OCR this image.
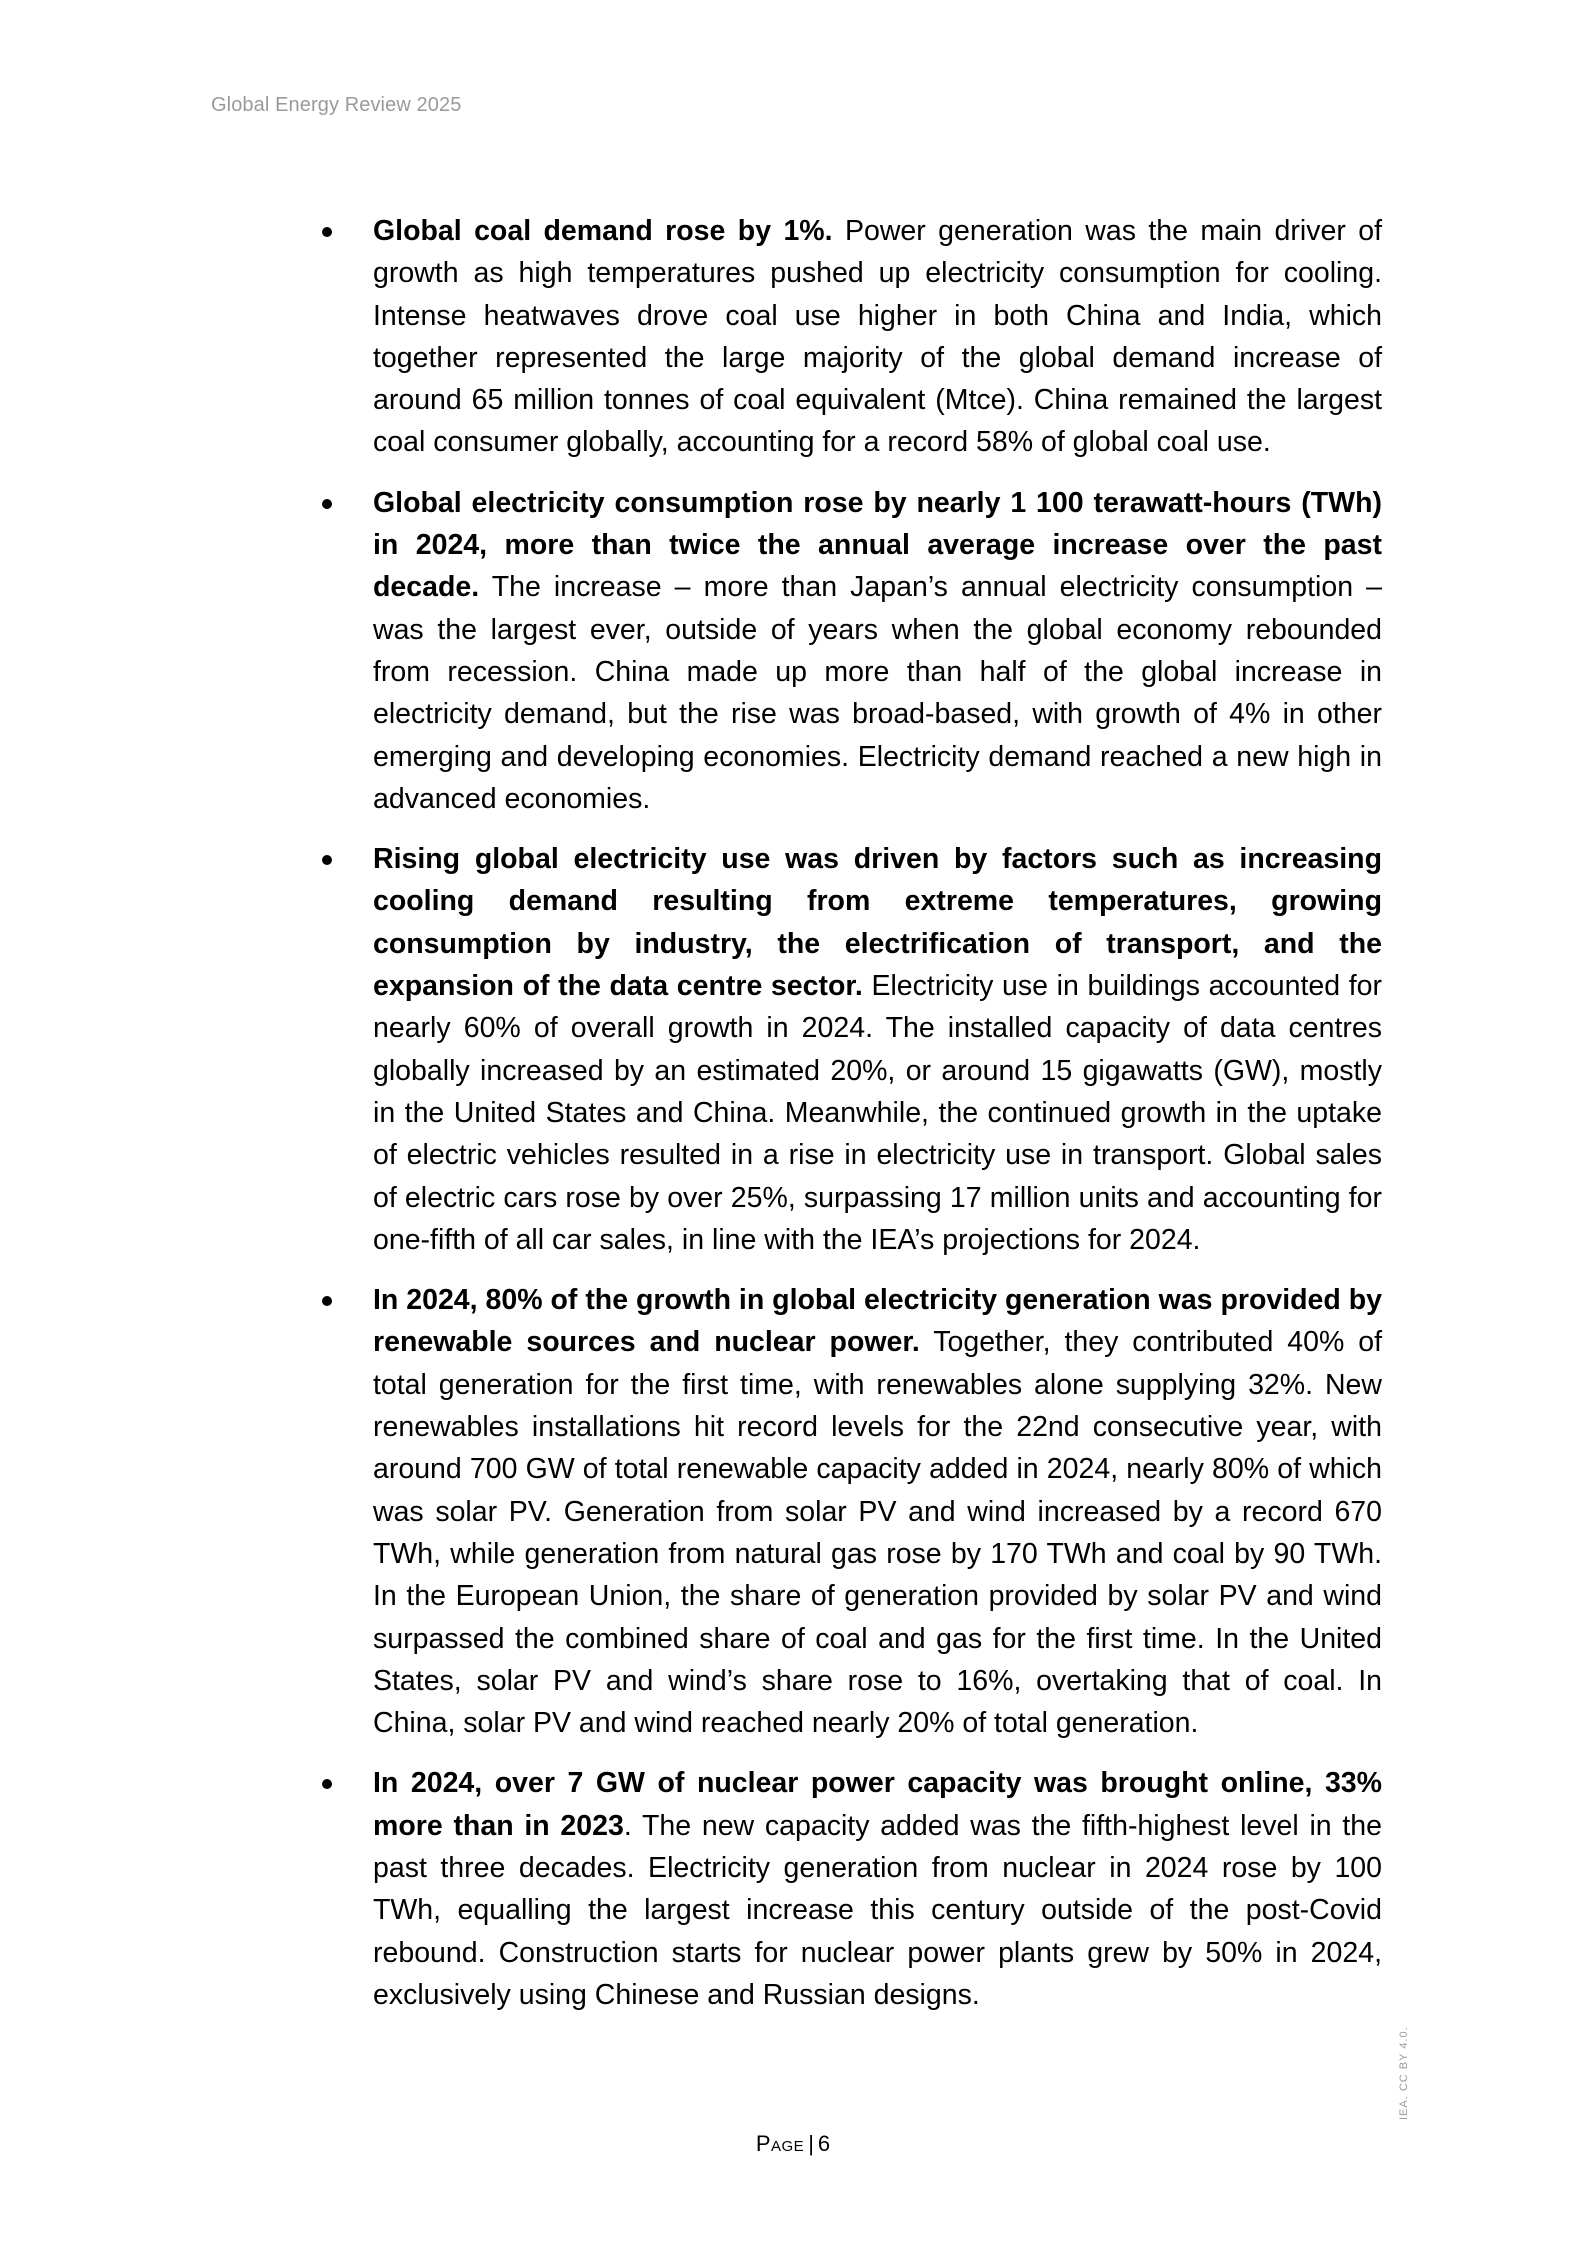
Global Energy Review 2025
Global coal demand rose by 1%. Power generation was the main driver of growth as high temperatures pushed up electricity consumption for cooling. Intense heatwaves drove coal use higher in both China and India, which together represented the large majority of the global demand increase of around 65 million tonnes of coal equivalent (Mtce). China remained the largest coal consumer globally, accounting for a record 58% of global coal use.
Global electricity consumption rose by nearly 1 100 terawatt-hours (TWh) in 2024, more than twice the annual average increase over the past decade. The increase – more than Japan’s annual electricity consumption – was the largest ever, outside of years when the global economy rebounded from recession. China made up more than half of the global increase in electricity demand, but the rise was broad-based, with growth of 4% in other emerging and developing economies. Electricity demand reached a new high in advanced economies.
Rising global electricity use was driven by factors such as increasing cooling demand resulting from extreme temperatures, growing consumption by industry, the electrification of transport, and the expansion of the data centre sector. Electricity use in buildings accounted for nearly 60% of overall growth in 2024. The installed capacity of data centres globally increased by an estimated 20%, or around 15 gigawatts (GW), mostly in the United States and China. Meanwhile, the continued growth in the uptake of electric vehicles resulted in a rise in electricity use in transport. Global sales of electric cars rose by over 25%, surpassing 17 million units and accounting for one-fifth of all car sales, in line with the IEA’s projections for 2024.
In 2024, 80% of the growth in global electricity generation was provided by renewable sources and nuclear power. Together, they contributed 40% of total generation for the first time, with renewables alone supplying 32%. New renewables installations hit record levels for the 22nd consecutive year, with around 700 GW of total renewable capacity added in 2024, nearly 80% of which was solar PV. Generation from solar PV and wind increased by a record 670 TWh, while generation from natural gas rose by 170 TWh and coal by 90 TWh. In the European Union, the share of generation provided by solar PV and wind surpassed the combined share of coal and gas for the first time. In the United States, solar PV and wind’s share rose to 16%, overtaking that of coal. In China, solar PV and wind reached nearly 20% of total generation.
In 2024, over 7 GW of nuclear power capacity was brought online, 33% more than in 2023. The new capacity added was the fifth-highest level in the past three decades. Electricity generation from nuclear in 2024 rose by 100 TWh, equalling the largest increase this century outside of the post-Covid rebound. Construction starts for nuclear power plants grew by 50% in 2024, exclusively using Chinese and Russian designs.
Page | 6
IEA. CC BY 4.0.
